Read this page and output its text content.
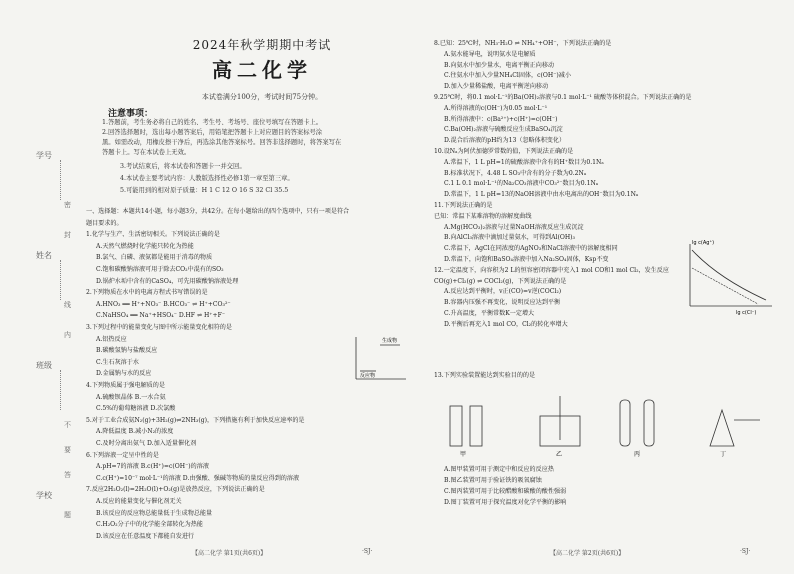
学号
姓名
班级
学校
密
封
线
内
不
要
答
题
2024年秋学期期中考试
高二化学
本试卷满分100分，考试时间75分钟。
注意事项：
1.答题前，考生务必将自己的姓名、考生号、考场号、座位号填写在答题卡上。
2.回答选择题时，选出每小题答案后，用铅笔把答题卡上对应题目的答案标号涂
黑。如需改动，用橡皮擦干净后，再选涂其他答案标号。回答非选择题时，将答案写在
答题卡上。写在本试卷上无效。
3.考试结束后，将本试卷和答题卡一并交回。
4.本试卷主要考试内容：人教版选择性必修1第一章至第三章。
5.可能用到的相对原子质量：H 1 C 12 O 16 S 32 Cl 35.5
一、选择题：本题共14小题，每小题3分，共42分。在每小题给出的四个选项中，只有一项是符合
题目要求的。
1.化学与生产、生活密切相关。下列说法正确的是
A.天然气燃烧时化学能只转化为热能
B.氯气、白磷、液氨都是能用于消毒的物质
C.饱和碳酸钠溶液可用于除去CO₂中混有的SO₂
D.锅炉水垢中含有的CaSO₄，可先用碳酸钠溶液处理
2.下列物质在水中的电离方程式书写错误的是
A.HNO₃ ══ H⁺+NO₃⁻ B.HCO₃⁻ ⇌ H⁺+CO₃²⁻
C.NaHSO₄ ══ Na⁺+HSO₄⁻ D.HF ⇌ H⁺+F⁻
3.下列过程中的能量变化与图中所示能量变化相符的是
A.铝热反应
B.碳酸氢钠与盐酸反应
C.生石灰溶于水
D.金属钠与水的反应
4.下列物质属于强电解质的是
A.硫酸钡晶体 B.一水合氨
C.5%的葡萄糖溶液 D.次氯酸
5.对于工业合成氨N₂(g)+3H₂(g)⇌2NH₃(g)，下列措施有利于加快反应速率的是
A.降低温度 B.减小N₂的浓度
C.及时分离出氨气 D.加入适量催化剂
6.下列溶液一定呈中性的是
A.pH=7的溶液 B.c(H⁺)=c(OH⁻)的溶液
C.c(H⁺)=10⁻⁷ mol·L⁻¹的溶液 D.由强酸、强碱等物质的量反应得到的溶液
7.反应2H₂O₂(l)=2H₂O(l)+O₂(g)是放热反应，下列说法正确的是
A.反应的能量变化与催化剂无关
B.该反应的反应物总能量低于生成物总能量
C.H₂O₂分子中的化学能全部转化为热能
D.该反应在任意温度下都能自发进行
生成物
反应物
【高二化学 第1页(共6页)】	·SJ·
8.已知：25℃时，NH₃·H₂O ⇌ NH₄⁺+OH⁻，下列说法正确的是
A.氨水能导电，说明氨水是电解质
B.向氨水中加少量水，电离平衡正向移动
C.往氨水中加入少量NH₄Cl固体，c(OH⁻)减小
D.加入少量稀盐酸，电离平衡逆向移动
9.25℃时，将0.1 mol·L⁻¹的Ba(OH)₂溶液与0.1 mol·L⁻¹ 硫酸等体积混合。下列说法正确的是
A.所得溶液的c(OH⁻)为0.05 mol·L⁻¹
B.所得溶液中：c(Ba²⁺)+c(H⁺)=c(OH⁻)
C.Ba(OH)₂溶液与硫酸反应生成BaSO₄沉淀
D.混合后溶液的pH约为13（忽略体积变化）
10.设Nₐ为阿伏加德罗常数的值，下列说法正确的是
A.常温下，1 L pH=1的硫酸溶液中含有的H⁺数目为0.1Nₐ
B.标准状况下，4.48 L SO₃中含有的分子数为0.2Nₐ
C.1 L 0.1 mol·L⁻¹的Na₂CO₃溶液中CO₃²⁻数目为0.1Nₐ
D.常温下，1 L pH=13的NaOH溶液中由水电离出的OH⁻数目为0.1Nₐ
11.下列说法正确的是
已知：常温下某难溶物的溶解度曲线
A.Mg(HCO₃)₂溶液与过量NaOH溶液反应生成沉淀
B.向AlCl₃溶液中滴加过量氨水，可得到Al(OH)₃
C.常温下，AgCl在同浓度的AgNO₃和NaCl溶液中的溶解度相同
D.常温下，向饱和BaSO₄溶液中加入Na₂SO₄固体，Ksp不变
12.一定温度下，向容积为2 L的恒容密闭容器中充入1 mol CO和1 mol Cl₂，发生反应
CO(g)+Cl₂(g) ⇌ COCl₂(g)，下列说法正确的是
A.反应达到平衡时，v正(CO)=v逆(COCl₂)
B.容器内压强不再变化，说明反应达到平衡
C.升高温度，平衡常数K一定增大
D.平衡后再充入1 mol CO，Cl₂的转化率增大
13.下列实验装置能达到实验目的的是
A.图甲装置可用于测定中和反应的反应热
B.图乙装置可用于验证铁的吸氧腐蚀
C.图丙装置可用于比较醋酸和碳酸的酸性强弱
D.图丁装置可用于探究温度对化学平衡的影响
lg c(Ag⁺)
lg c(Cl⁻)
甲	乙	丙	丁
【高二化学 第2页(共6页)】	·SJ·
